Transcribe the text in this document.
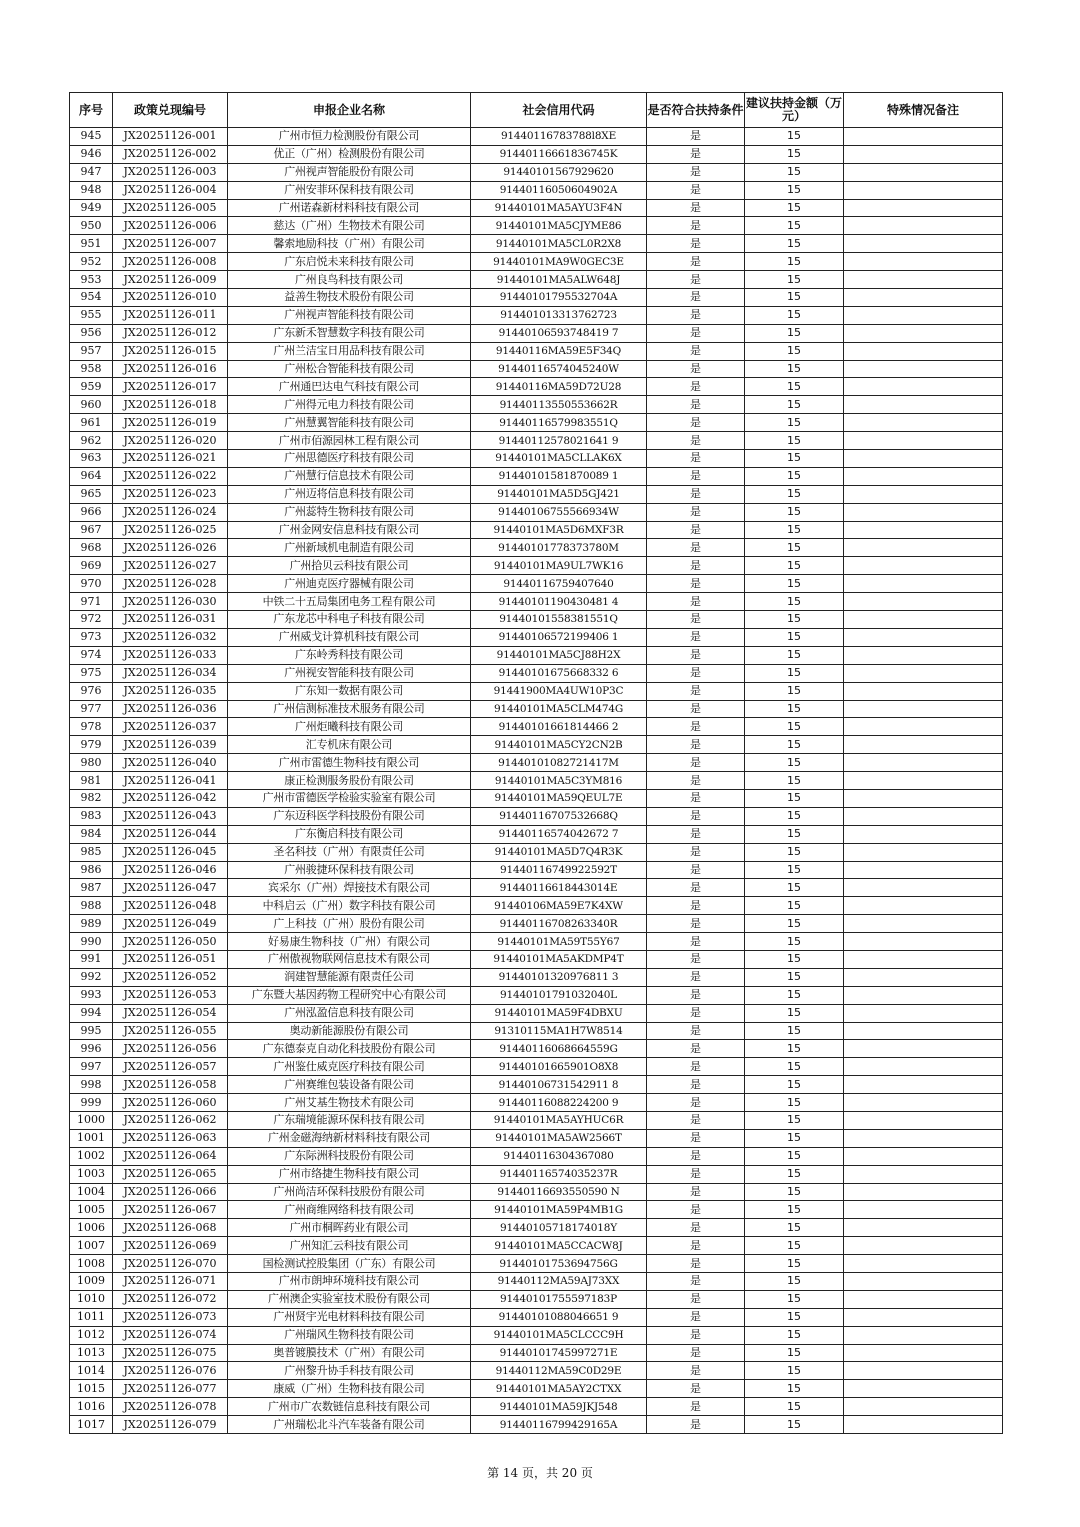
序号	政策兑现编号	申报企业名称	社会信用代码	是否符合扶持条件	建议扶持金额（万元）	特殊情况备注
945	JX20251126-001	广州市恒力检测股份有限公司	91440116783788l8XE	是	15	
946	JX20251126-002	优正（广州）检测股份有限公司	91440116661836745K	是	15	
947	JX20251126-003	广州视声智能股份有限公司	91440101567929620	是	15	
948	JX20251126-004	广州安菲环保科技有限公司	91440116050604902A	是	15	
949	JX20251126-005	广州诺森新材料科技有限公司	91440101MA5AYU3F4N	是	15	
950	JX20251126-006	慈达（广州）生物技术有限公司	91440101MA5CJYME86	是	15	
951	JX20251126-007	馨索地励科技（广州）有限公司	91440101MA5CL0R2X8	是	15	
952	JX20251126-008	广东启悦未来科技有限公司	91440101MA9W0GEC3E	是	15	
953	JX20251126-009	广州良鸟科技有限公司	91440101MA5ALW648J	是	15	
954	JX20251126-010	益善生物技术股份有限公司	91440101795532704A	是	15	
955	JX20251126-011	广州视声智能科技有限公司	91440101331376272З	是	15	
956	JX20251126-012	广东新禾智慧数字科技有限公司	91440106593748419 7	是	15	
957	JX20251126-015	广州兰洁宝日用品科技有限公司	91440116MA59E5F34Q	是	15	
958	JX20251126-016	广州松合智能科技有限公司	91440116574045240W	是	15	
959	JX20251126-017	广州通巴达电气科技有限公司	91440116MA59D72U28	是	15	
960	JX20251126-018	广州得元电力科技有限公司	91440113550553662R	是	15	
961	JX20251126-019	广州慧翼智能科技有限公司	91440116579983551Q	是	15	
962	JX20251126-020	广州市佰源园林工程有限公司	91440112578021641 9	是	15	
963	JX20251126-021	广州思德医疗科技有限公司	91440101MA5CLLAK6X	是	15	
964	JX20251126-022	广州慧行信息技术有限公司	91440101581870089 1	是	15	
965	JX20251126-023	广州迈将信息科技有限公司	91440101MA5D5GJ421	是	15	
966	JX20251126-024	广州蕊特生物科技有限公司	91440106755566934W	是	15	
967	JX20251126-025	广州金网安信息科技有限公司	91440101MA5D6MXF3R	是	15	
968	JX20251126-026	广州新域机电制造有限公司	91440101778373780M	是	15	
969	JX20251126-027	广州拾贝云科技有限公司	91440101MA9UL7WK16	是	15	
970	JX20251126-028	广州迪克医疗器械有限公司	91440116759407640	是	15	
971	JX20251126-030	中铁二十五局集团电务工程有限公司	91440101190430481 4	是	15	
972	JX20251126-031	广东龙芯中科电子科技有限公司	91440101558381551Q	是	15	
973	JX20251126-032	广州威戈计算机科技有限公司	91440106572199406 1	是	15	
974	JX20251126-033	广东岭秀科技有限公司	91440101MA5CJ88H2X	是	15	
975	JX20251126-034	广州视安智能科技有限公司	91440101675668332 6	是	15	
976	JX20251126-035	广东知一数据有限公司	91441900MA4UW10P3C	是	15	
977	JX20251126-036	广州信测标准技术服务有限公司	91440101MA5CLM474G	是	15	
978	JX20251126-037	广州炬曦科技有限公司	91440101661814466 2	是	15	
979	JX20251126-039	汇专机床有限公司	91440101MA5CY2CN2B	是	15	
980	JX20251126-040	广州市雷德生物科技有限公司	91440101082721417M	是	15	
981	JX20251126-041	康正检测服务股份有限公司	91440101MA5C3YM816	是	15	
982	JX20251126-042	广州市雷德医学检验实验室有限公司	91440101MA59QEUL7E	是	15	
983	JX20251126-043	广东迈科医学科技股份有限公司	91440116707532668Q	是	15	
984	JX20251126-044	广东衡启科技有限公司	91440116574042672 7	是	15	
985	JX20251126-045	圣名科技（广州）有限责任公司	91440101MA5D7Q4R3K	是	15	
986	JX20251126-046	广州骏捷环保科技有限公司	91440116749922592T	是	15	
987	JX20251126-047	宾采尔（广州）焊接技术有限公司	91440116618443014E	是	15	
988	JX20251126-048	中科启云（广州）数字科技有限公司	91440106MA59E7K4XW	是	15	
989	JX20251126-049	广上科技（广州）股份有限公司	91440116708263340R	是	15	
990	JX20251126-050	好易康生物科技（广州）有限公司	91440101MA59T55Y67	是	15	
991	JX20251126-051	广州傲视物联网信息技术有限公司	91440101MA5AKDMP4T	是	15	
992	JX20251126-052	润建智慧能源有限责任公司	91440101320976811 3	是	15	
993	JX20251126-053	广东暨大基因药物工程研究中心有限公司	91440101791032040L	是	15	
994	JX20251126-054	广州泓盈信息科技有限公司	91440101MA59F4DBXU	是	15	
995	JX20251126-055	奥动新能源股份有限公司	91310115MA1H7W8514	是	15	
996	JX20251126-056	广东德泰克自动化科技股份有限公司	91440116068664559G	是	15	
997	JX20251126-057	广州鉴仕威克医疗科技有限公司	91440101665901O8X8	是	15	
998	JX20251126-058	广州赛维包装设备有限公司	91440106731542911 8	是	15	
999	JX20251126-060	广州艾基生物技术有限公司	91440116088224200 9	是	15	
1000	JX20251126-062	广东瑞境能源环保科技有限公司	91440101MA5AYHUC6R	是	15	
1001	JX20251126-063	广州金磁海纳新材料科技有限公司	91440101MA5AW2566T	是	15	
1002	JX20251126-064	广东际洲科技股份有限公司	91440116304367080	是	15	
1003	JX20251126-065	广州市络捷生物科技有限公司	91440116574035237R	是	15	
1004	JX20251126-066	广州尚洁环保科技股份有限公司	91440116693550590 N	是	15	
1005	JX20251126-067	广州商维网络科技有限公司	91440101MA59P4MB1G	是	15	
1006	JX20251126-068	广州市桐晖药业有限公司	91440105718174018Y	是	15	
1007	JX20251126-069	广州知汇云科技有限公司	91440101MA5CCACW8J	是	15	
1008	JX20251126-070	国检测试控股集团（广东）有限公司	91440101753694756G	是	15	
1009	JX20251126-071	广州市朗坤环境科技有限公司	91440112MA59AJ73XX	是	15	
1010	JX20251126-072	广州澳企实验室技术股份有限公司	91440101755597183P	是	15	
1011	JX20251126-073	广州贤宇光电材料科技有限公司	91440101088046651 9	是	15	
1012	JX20251126-074	广州瑞风生物科技有限公司	91440101MA5CLCCC9H	是	15	
1013	JX20251126-075	奥普镀膜技术（广州）有限公司	91440101745997271E	是	15	
1014	JX20251126-076	广州黎升协手科技有限公司	91440112MA59C0D29E	是	15	
1015	JX20251126-077	康威（广州）生物科技有限公司	91440101MA5AY2CTXX	是	15	
1016	JX20251126-078	广州市广农数链信息科技有限公司	91440101MA59JKJ548	是	15	
1017	JX20251126-079	广州瑞松北斗汽车装备有限公司	91440116799429165A	是	15	
第 14 页，共 20 页
